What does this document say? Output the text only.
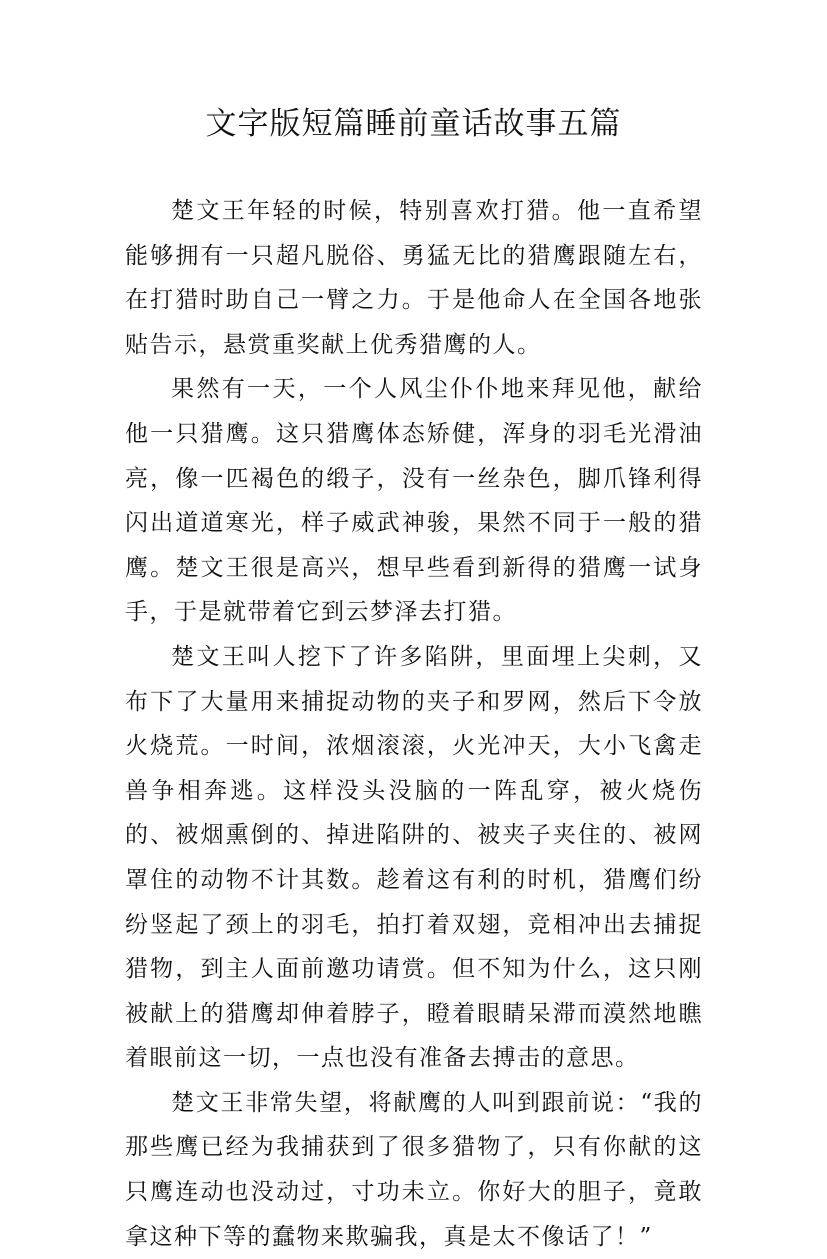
文字版短篇睡前童话故事五篇

楚文王年轻的时候，特别喜欢打猎。他一直希望能够拥有一只超凡脱俗、勇猛无比的猎鹰跟随左右，在打猎时助自己一臂之力。于是他命人在全国各地张贴告示，悬赏重奖献上优秀猎鹰的人。

果然有一天，一个人风尘仆仆地来拜见他，献给他一只猎鹰。这只猎鹰体态矫健，浑身的羽毛光滑油亮，像一匹褐色的缎子，没有一丝杂色，脚爪锋利得闪出道道寒光，样子威武神骏，果然不同于一般的猎鹰。楚文王很是高兴，想早些看到新得的猎鹰一试身手，于是就带着它到云梦泽去打猎。

楚文王叫人挖下了许多陷阱，里面埋上尖刺，又布下了大量用来捕捉动物的夹子和罗网，然后下令放火烧荒。一时间，浓烟滚滚，火光冲天，大小飞禽走兽争相奔逃。这样没头没脑的一阵乱穿，被火烧伤的、被烟熏倒的、掉进陷阱的、被夹子夹住的、被网罩住的动物不计其数。趁着这有利的时机，猎鹰们纷纷竖起了颈上的羽毛，拍打着双翅，竞相冲出去捕捉猎物，到主人面前邀功请赏。但不知为什么，这只刚被献上的猎鹰却伸着脖子，瞪着眼睛呆滞而漠然地瞧着眼前这一切，一点也没有准备去搏击的意思。

楚文王非常失望，将献鹰的人叫到跟前说：“我的那些鹰已经为我捕获到了很多猎物了，只有你献的这只鹰连动也没动过，寸功未立。你好大的胆子，竟敢拿这种下等的蠢物来欺骗我，真是太不像话了！”
